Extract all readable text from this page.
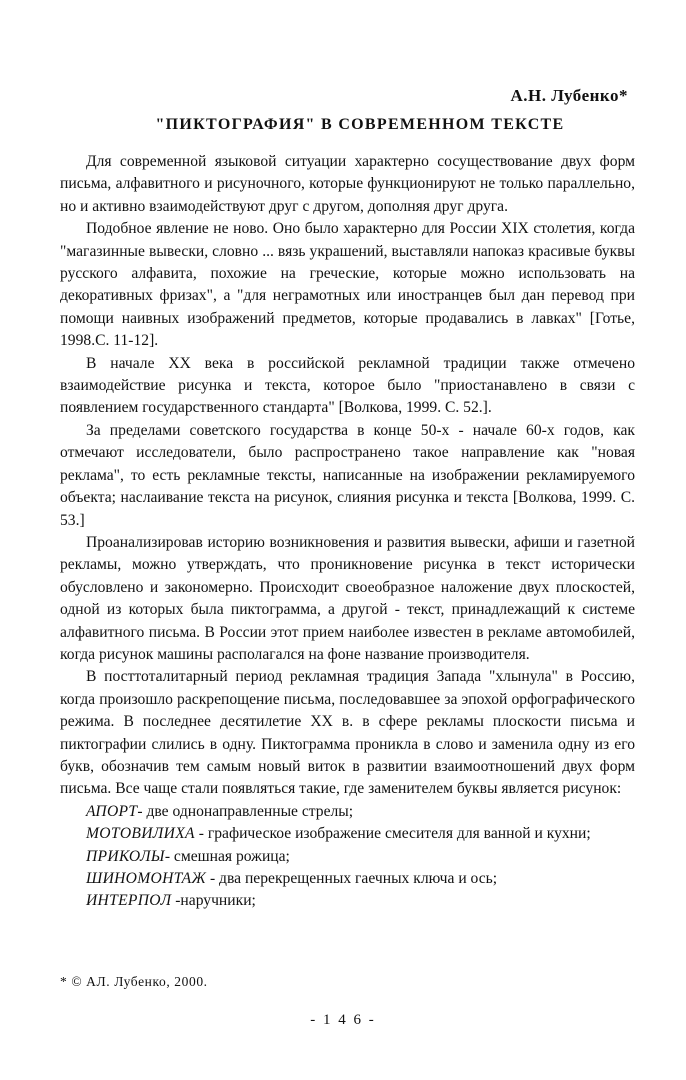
А.Н. Лубенко*
"ПИКТОГРАФИЯ" В СОВРЕМЕННОМ ТЕКСТЕ

Для современной языковой ситуации характерно сосуществование двух форм письма, алфавитного и рисуночного, которые функционируют не только параллельно, но и активно взаимодействуют друг с другом, дополняя друг друга.

Подобное явление не ново. Оно было характерно для России XIX столетия, когда "магазинные вывески, словно ... вязь украшений, выставляли напоказ красивые буквы русского алфавита, похожие на греческие, которые можно использовать на декоративных фризах", а "для неграмотных или иностранцев был дан перевод при помощи наивных изображений предметов, которые продавались в лавках" [Готье, 1998.С. 11-12].

В начале XX века в российской рекламной традиции также отмечено взаимодействие рисунка и текста, которое было "приостанавлено в связи с появлением государственного стандарта" [Волкова, 1999. С. 52.].

За пределами советского государства в конце 50-х - начале 60-х годов, как отмечают исследователи, было распространено такое направление как "новая реклама", то есть рекламные тексты, написанные на изображении рекламируемого объекта; наслаивание текста на рисунок, слияния рисунка и текста [Волкова, 1999. С. 53.]

Проанализировав историю возникновения и развития вывески, афиши и газетной рекламы, можно утверждать, что проникновение рисунка в текст исторически обусловлено и закономерно. Происходит своеобразное наложение двух плоскостей, одной из которых была пиктограмма, а другой - текст, принадлежащий к системе алфавитного письма. В России этот прием наиболее известен в рекламе автомобилей, когда рисунок машины располагался на фоне название производителя.

В посттоталитарный период рекламная традиция Запада "хлынула" в Россию, когда произошло раскрепощение письма, последовавшее за эпохой орфографического режима. В последнее десятилетие XX в. в сфере рекламы плоскости письма и пиктографии слились в одну. Пиктограмма проникла в слово и заменила одну из его букв, обозначив тем самым новый виток в развитии взаимоотношений двух форм письма. Все чаще стали появляться такие, где заменителем буквы является рисунок:

АПОРТ- две однонаправленные стрелы;

МОТОВИЛИХА - графическое изображение смесителя для ванной и кухни;

ПРИКОЛЫ- смешная рожица;

ШИНОМОНТАЖ - два перекрещенных гаечных ключа и ось;

ИНТЕРПОЛ -наручники;

* © АЛ. Лубенко, 2000.
- 1 4 6 -
